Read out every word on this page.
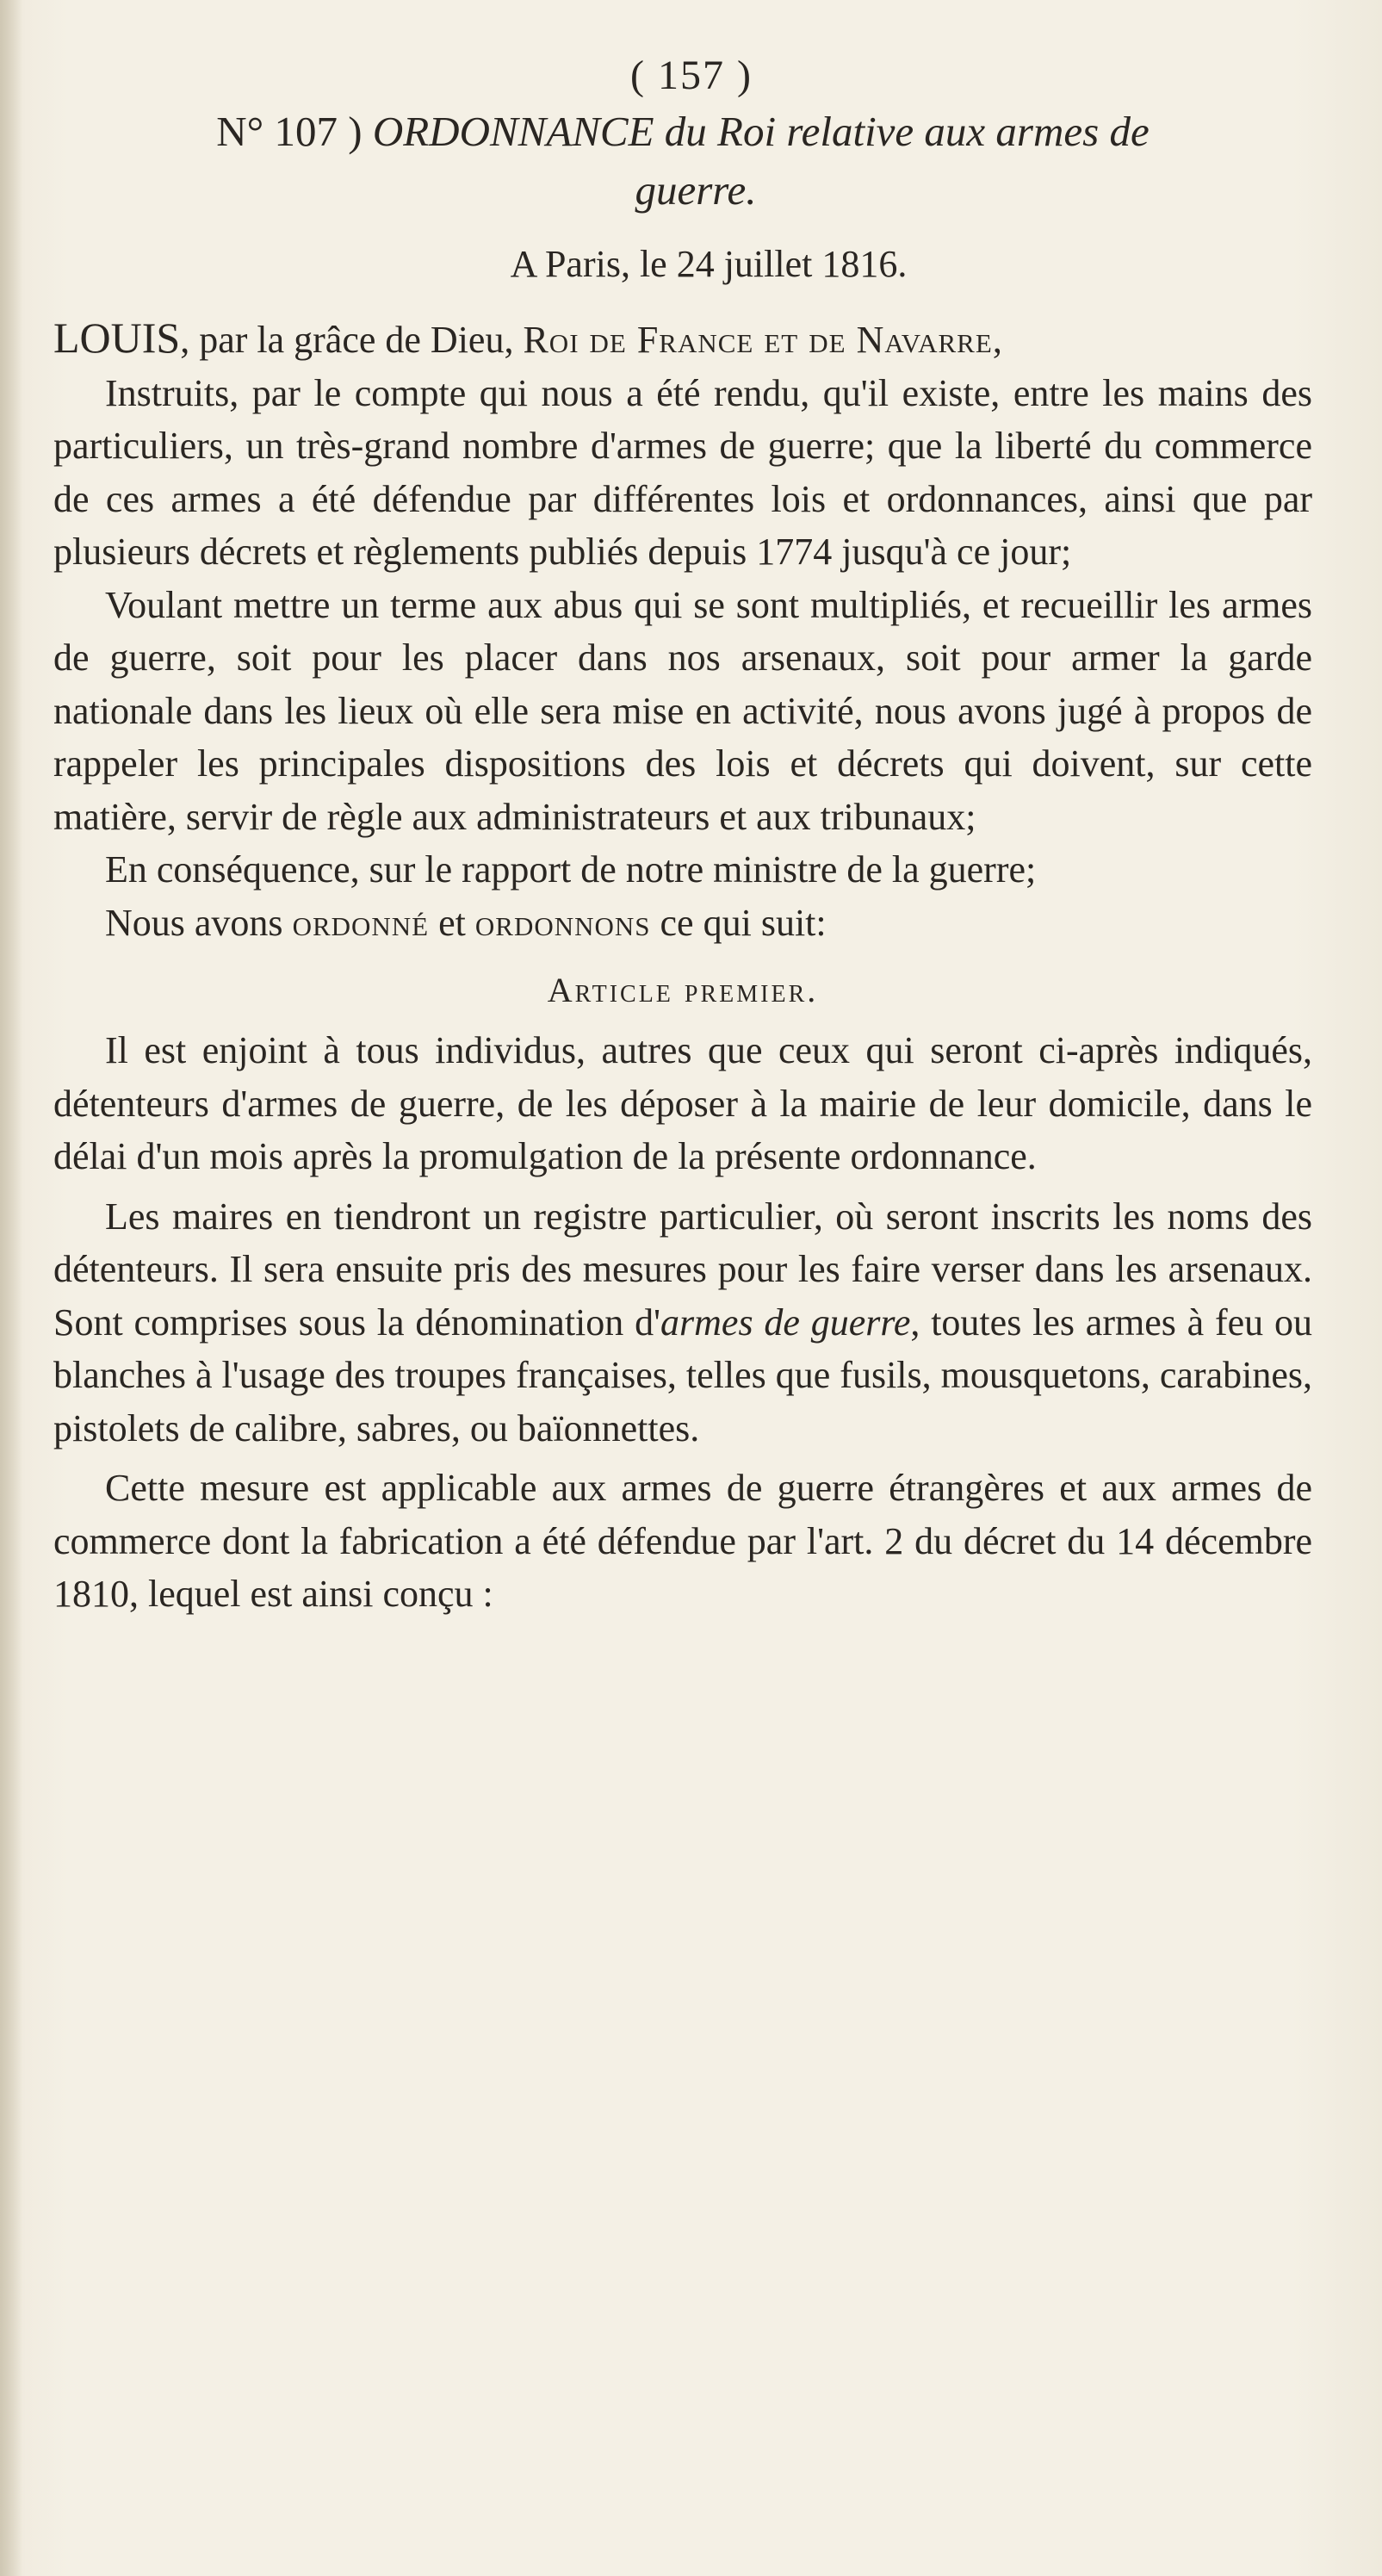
( 157 )
N° 107 ) ORDONNANCE du Roi relative aux armes de
guerre.
A Paris, le 24 juillet 1816.

LOUIS, par la grâce de Dieu, Roi de France et de Navarre,

Instruits, par le compte qui nous a été rendu, qu'il existe, entre les mains des particuliers, un très-grand nombre d'armes de guerre; que la liberté du commerce de ces armes a été défendue par différentes lois et ordonnances, ainsi que par plusieurs décrets et règlements publiés depuis 1774 jusqu'à ce jour;

Voulant mettre un terme aux abus qui se sont multipliés, et recueillir les armes de guerre, soit pour les placer dans nos arsenaux, soit pour armer la garde nationale dans les lieux où elle sera mise en activité, nous avons jugé à propos de rappeler les principales dispositions des lois et décrets qui doivent, sur cette matière, servir de règle aux administrateurs et aux tribunaux;

En conséquence, sur le rapport de notre ministre de la guerre;

Nous avons ordonné et ordonnons ce qui suit:

Article premier.

Il est enjoint à tous individus, autres que ceux qui seront ci-après indiqués, détenteurs d'armes de guerre, de les déposer à la mairie de leur domicile, dans le délai d'un mois après la promulgation de la présente ordonnance.

Les maires en tiendront un registre particulier, où seront inscrits les noms des détenteurs. Il sera ensuite pris des mesures pour les faire verser dans les arsenaux. Sont comprises sous la dénomination d'armes de guerre, toutes les armes à feu ou blanches à l'usage des troupes françaises, telles que fusils, mousquetons, carabines, pistolets de calibre, sabres, ou baïonnettes.

Cette mesure est applicable aux armes de guerre étrangères et aux armes de commerce dont la fabrication a été défendue par l'art. 2 du décret du 14 décembre 1810, lequel est ainsi conçu :
